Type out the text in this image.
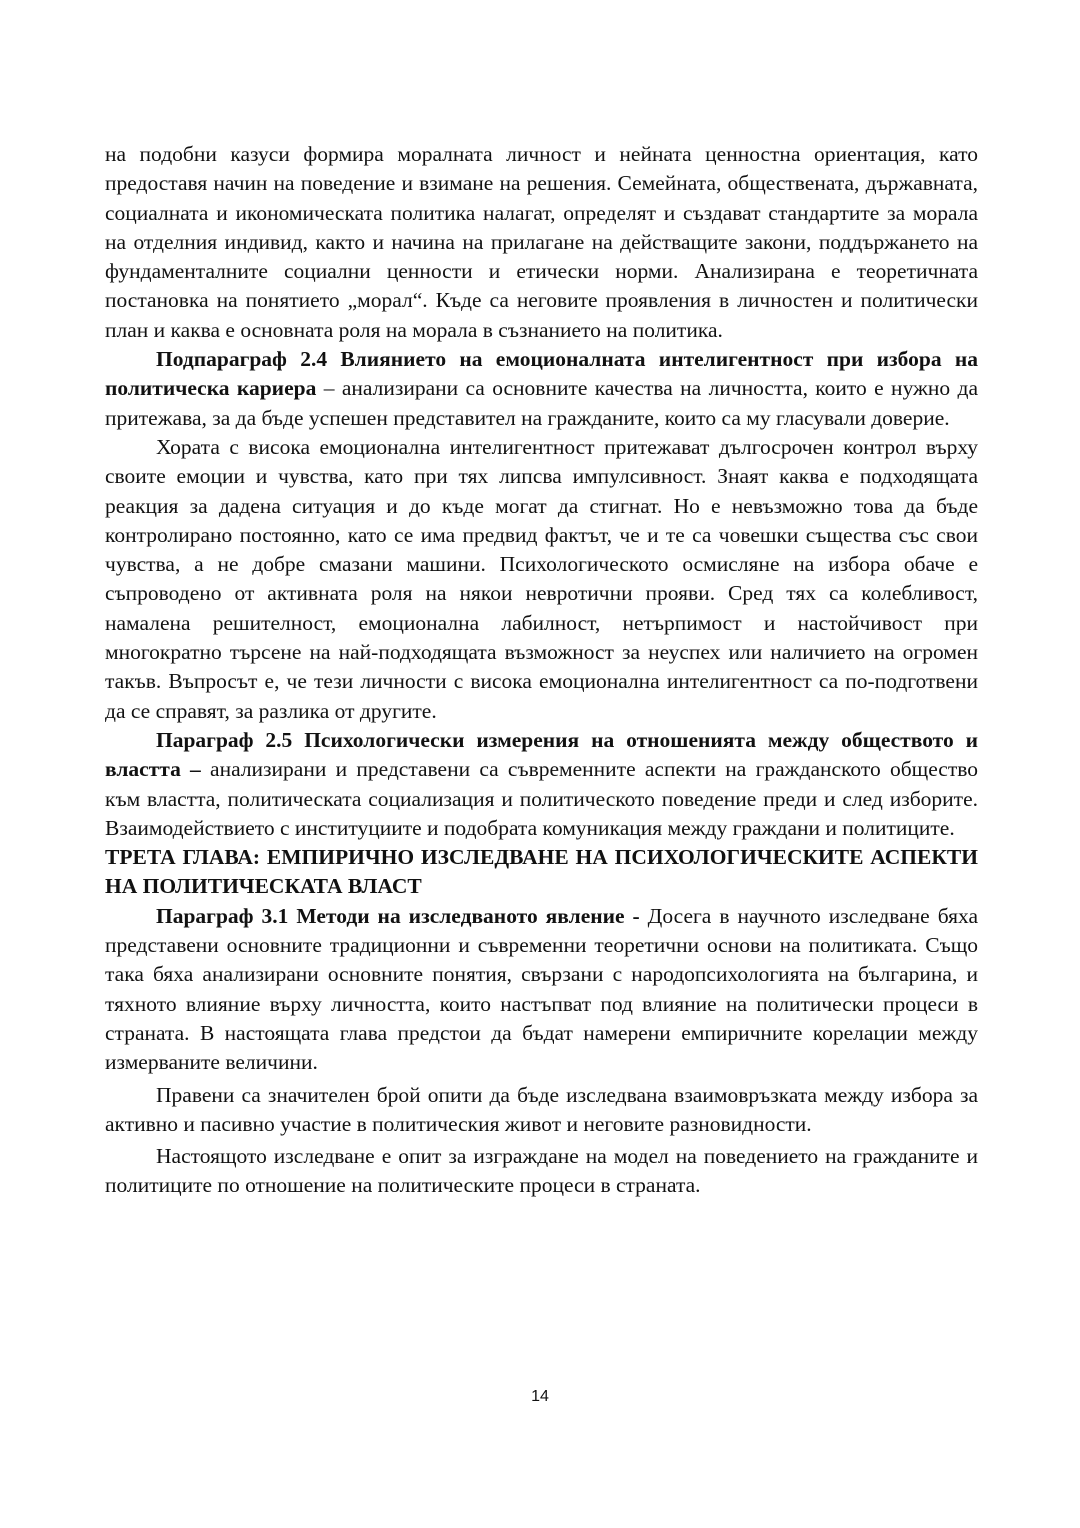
на подобни казуси формира моралната личност и нейната ценностна ориентация, като предоставя начин на поведение и взимане на решения. Семейната, обществената, държавната, социалната и икономическата политика налагат, определят и създават стандартите за морала на отделния индивид, както и начина на прилагане на действащите закони, поддържането на фундаменталните социални ценности и етически норми. Анализирана е теоретичната постановка на понятието „морал“. Къде са неговите проявления в личностен и политически план и каква е основната роля на морала в съзнанието на политика.

Подпараграф 2.4 Влиянието на емоционалната интелигентност при избора на политическа кариера – анализирани са основните качества на личността, които е нужно да притежава, за да бъде успешен представител на гражданите, които са му гласували доверие.

Хората с висока емоционална интелигентност притежават дългосрочен контрол върху своите емоции и чувства, като при тях липсва импулсивност. Знаят каква е подходящата реакция за дадена ситуация и до къде могат да стигнат. Но е невъзможно това да бъде контролирано постоянно, като се има предвид фактът, че и те са човешки същества със свои чувства, а не добре смазани машини. Психологическото осмисляне на избора обаче е съпроводено от активната роля на някои невротични прояви. Сред тях са колебливост, намалена решителност, емоционална лабилност, нетърпимост и настойчивост при многократно търсене на най-подходящата възможност за неуспех или наличието на огромен такъв. Въпросът е, че тези личности с висока емоционална интелигентност са по-подготвени да се справят, за разлика от другите.

Параграф 2.5 Психологически измерения на отношенията между обществото и властта – анализирани и представени са съвременните аспекти на гражданското общество към властта, политическата социализация и политическото поведение преди и след изборите. Взаимодействието с институциите и подобрата комуникация между граждани и политиците.

ТРЕТА ГЛАВА: ЕМПИРИЧНО ИЗСЛЕДВАНЕ НА ПСИХОЛОГИЧЕСКИТЕ АСПЕКТИ НА ПОЛИТИЧЕСКАТА ВЛАСТ

Параграф 3.1 Методи на изследваното явление - Досега в научното изследване бяха представени основните традиционни и съвременни теоретични основи на политиката. Също така бяха анализирани основните понятия, свързани с народопсихологията на българина, и тяхното влияние върху личността, които настъпват под влияние на политически процеси в страната. В настоящата глава предстои да бъдат намерени емпиричните корелации между измерваните величини.

Правени са значителен брой опити да бъде изследвана взаимовръзката между избора за активно и пасивно участие в политическия живот и неговите разновидности.

Настоящото изследване е опит за изграждане на модел на поведението на гражданите и политиците по отношение на политическите процеси в страната.

14
